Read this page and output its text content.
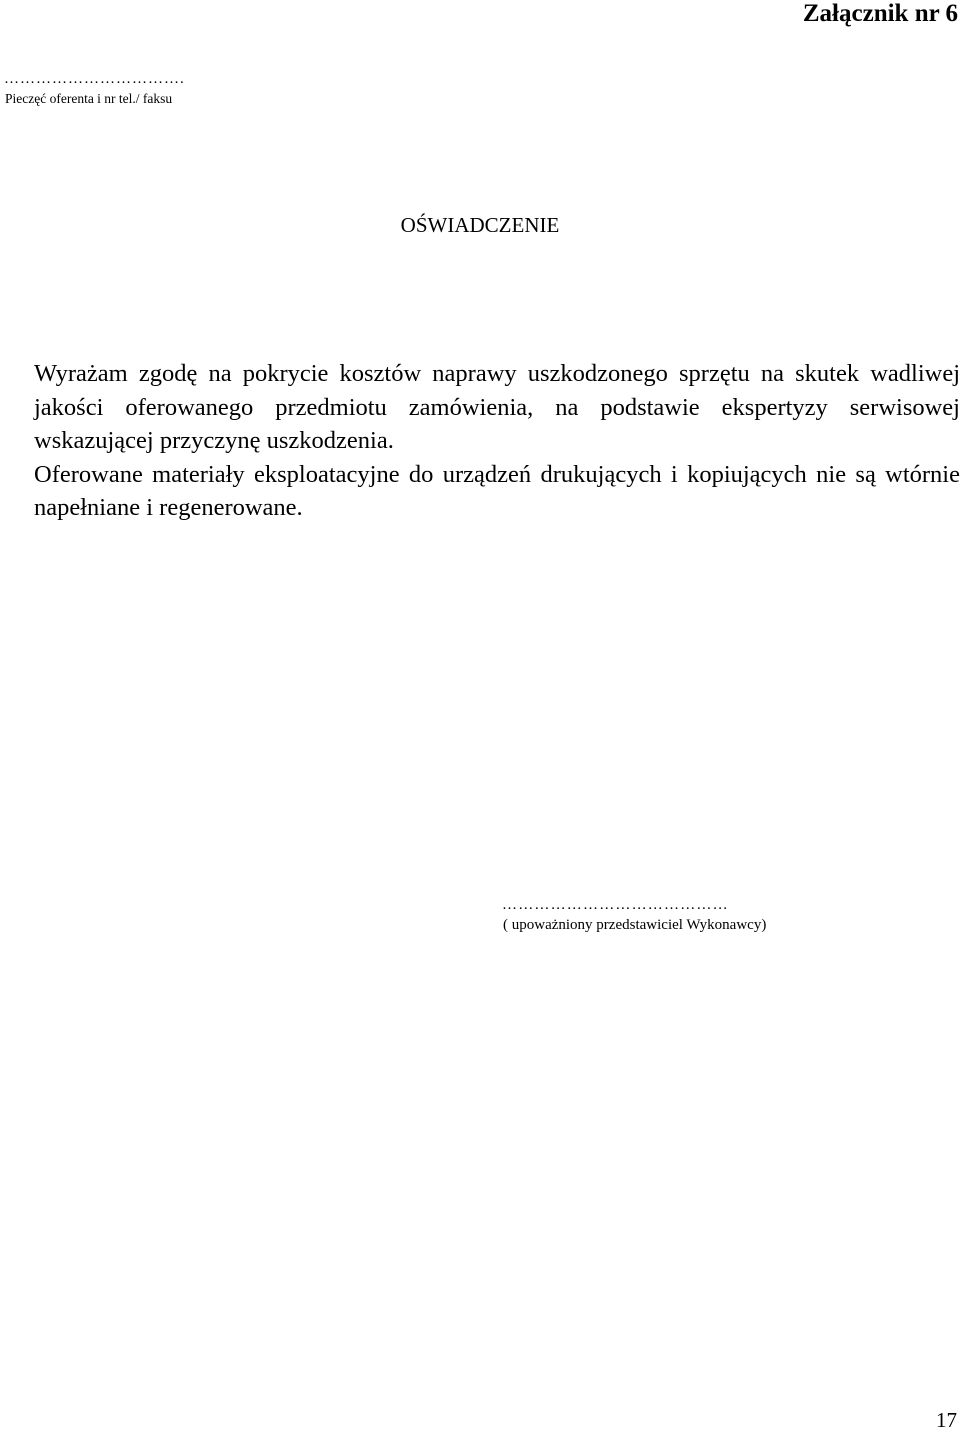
Załącznik nr 6
…………………………….
Pieczęć oferenta i nr tel./ faksu
OŚWIADCZENIE

Wyrażam zgodę na pokrycie kosztów naprawy uszkodzonego sprzętu na skutek wadliwej jakości oferowanego przedmiotu zamówienia, na podstawie ekspertyzy serwisowej wskazującej przyczynę uszkodzenia.

Oferowane materiały eksploatacyjne do urządzeń drukujących i kopiujących nie są wtórnie napełniane i regenerowane.

……………………………………
( upoważniony przedstawiciel Wykonawcy)
17
